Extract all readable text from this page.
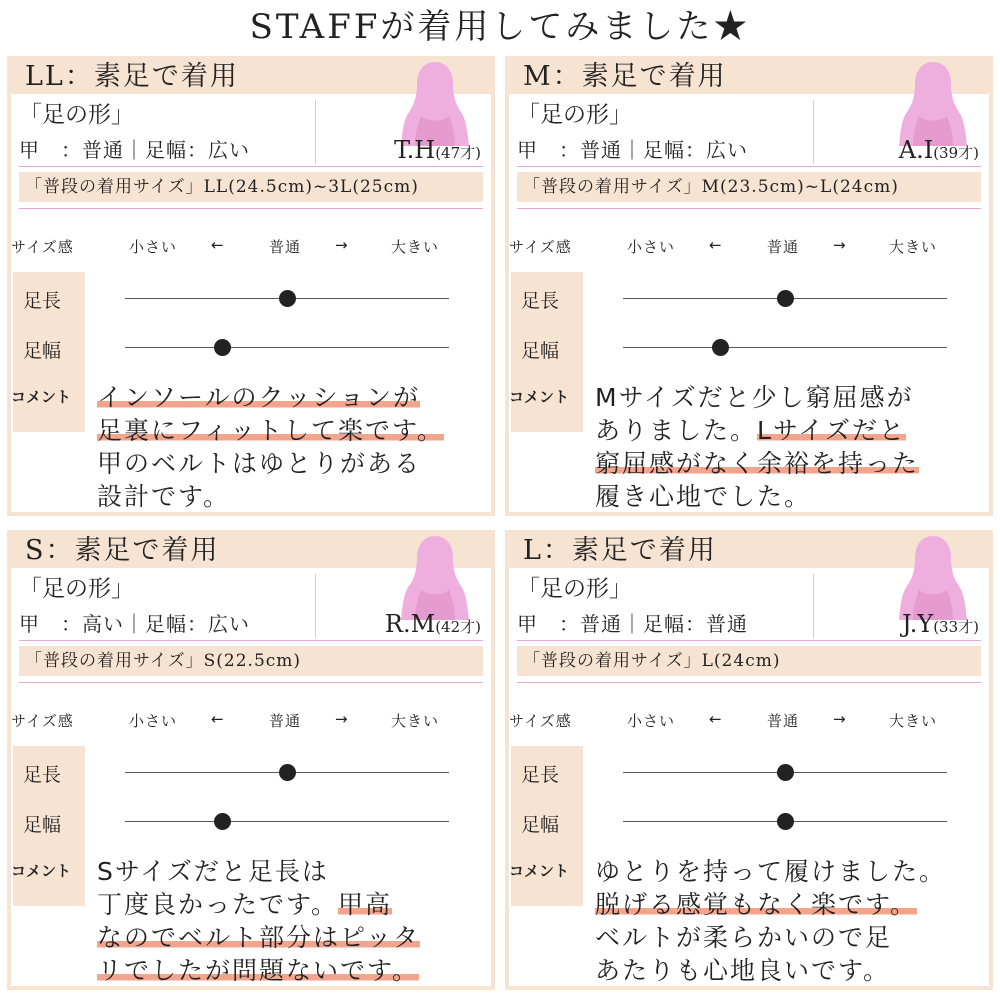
STAFFが着用してみました★
LL：素足で着用
「足の形」
甲　：普通｜足幅：広い	T.H(47才)
「普段の着用サイズ」LL(24.5cm)~3L(25cm)
サイズ感	小さい ←	普通 →	大きい
足長
足幅
コメント インソールのクッションが
足裏にフィットして楽です。
甲のベルトはゆとりがある
設計です。
M：素足で着用
「足の形」
甲　：普通｜足幅：広い	A.I(39才)
「普段の着用サイズ」M(23.5cm)~L(24cm)
サイズ感	小さい ←	普通 →	大きい
足長
足幅
コメント Mサイズだと少し窮屈感が
ありました。Lサイズだと
窮屈感がなく余裕を持った
履き心地でした。
S：素足で着用
「足の形」
甲　：高い｜足幅：広い	R.M(42才)
「普段の着用サイズ」S(22.5cm)
サイズ感	小さい ←	普通 →	大きい
足長
足幅
コメント Sサイズだと足長は
丁度良かったです。甲高
なのでベルト部分はピッタ
リでしたが問題ないです。
L：素足で着用
「足の形」
甲　：普通｜足幅：普通	J.Y(33才)
「普段の着用サイズ」L(24cm)
サイズ感	小さい ←	普通 →	大きい
足長
足幅
コメント ゆとりを持って履けました。
脱げる感覚もなく楽です。
ベルトが柔らかいので足
あたりも心地良いです。
